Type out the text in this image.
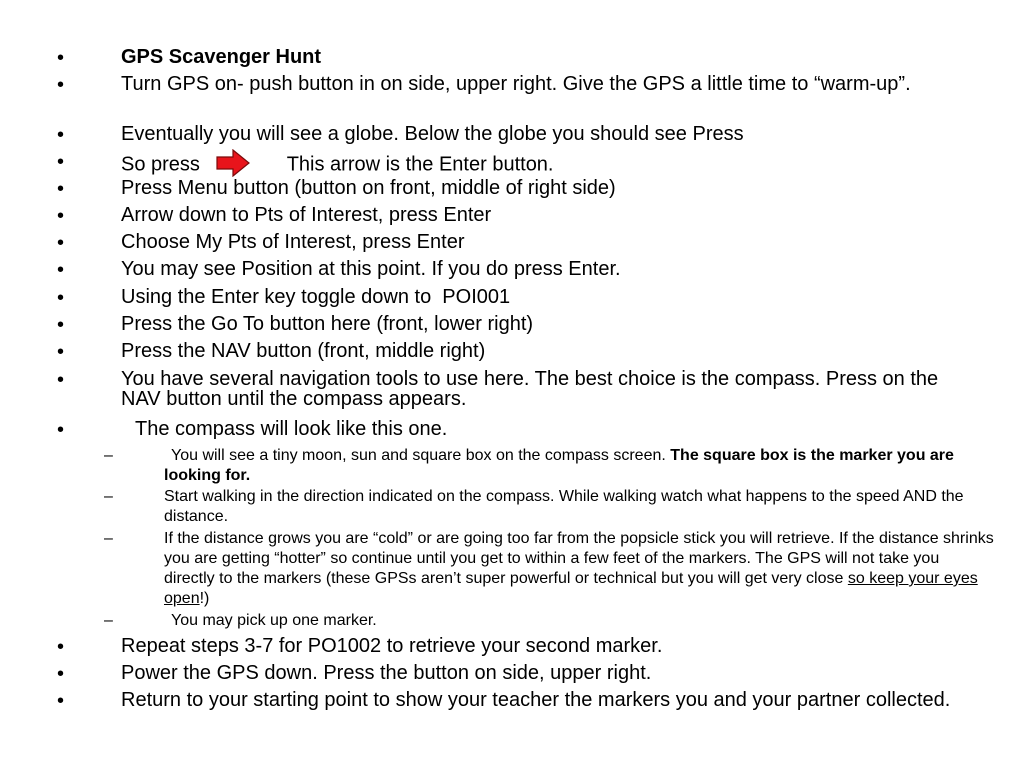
•	GPS Scavenger Hunt
•	Turn GPS on- push button in on side, upper right. Give the GPS a little time to “warm-up”.
•	Eventually you will see a globe. Below the globe you should see Press
•	So press	This arrow is the Enter button.
•	Press Menu button (button on front, middle of right side)
•	Arrow down to Pts of Interest, press Enter
•	Choose My Pts of Interest, press Enter
•	You may see Position at this point. If you do press Enter.
•	Using the Enter key toggle down to  POI001
•	Press the Go To button here (front, lower right)
•	Press the NAV button (front, middle right)
•	You have several navigation tools to use here. The best choice is the compass. Press on the NAV button until the compass appears.
•	The compass will look like this one.
–	You will see a tiny moon, sun and square box on the compass screen. The square box is the marker you are looking for.
–	Start walking in the direction indicated on the compass. While walking watch what happens to the speed AND the distance.
–	If the distance grows you are “cold” or are going too far from the popsicle stick you will retrieve. If the distance shrinks you are getting “hotter” so continue until you get to within a few feet of the markers. The GPS will not take you directly to the markers (these GPSs aren’t super powerful or technical but you will get very close so keep your eyes open!)
–	You may pick up one marker.
•	Repeat steps 3-7 for PO1002 to retrieve your second marker.
•	Power the GPS down. Press the button on side, upper right.
•	Return to your starting point to show your teacher the markers you and your partner collected.
